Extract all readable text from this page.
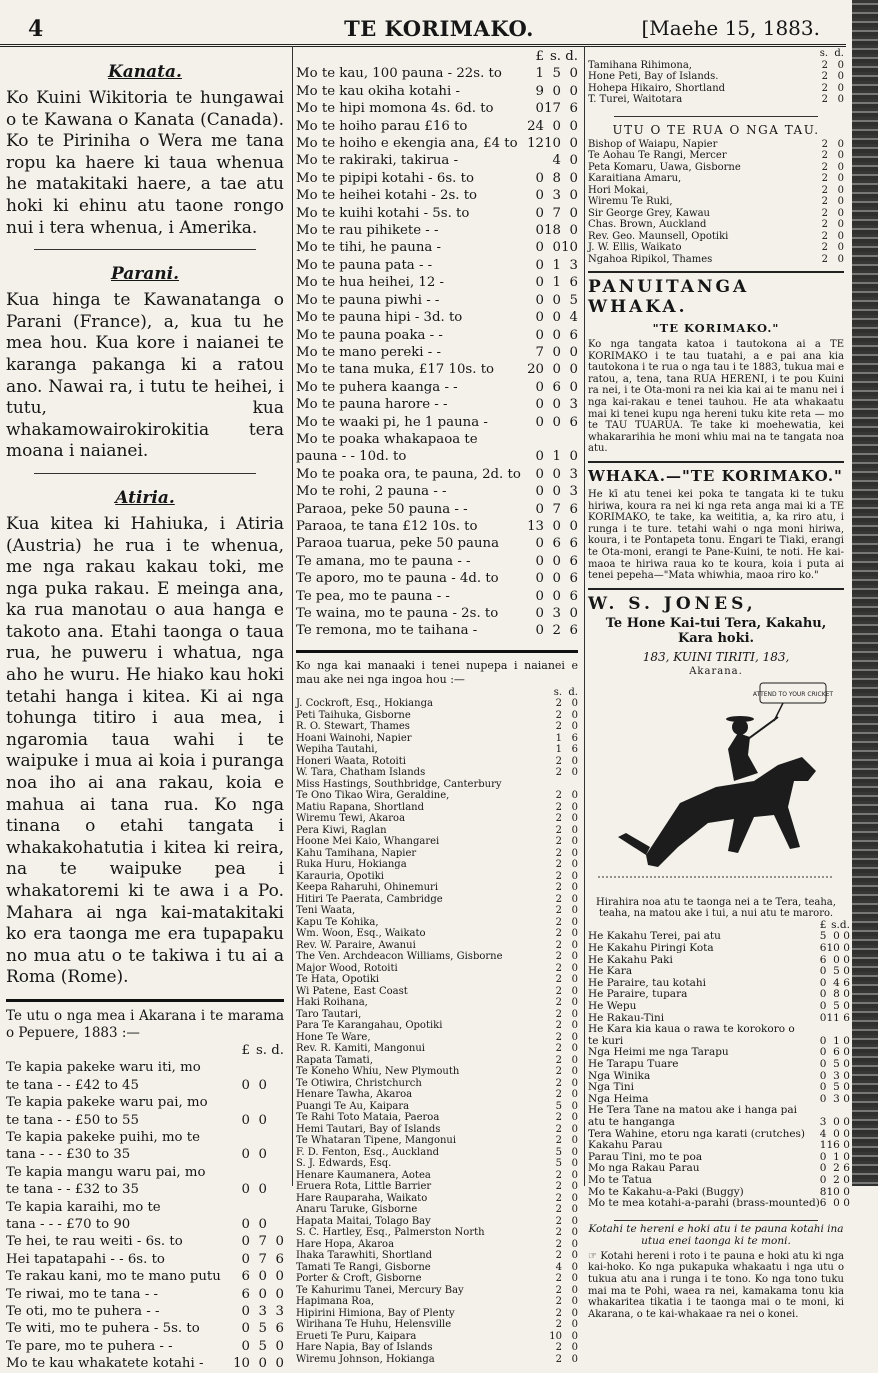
4	TE KORIMAKO.	[Maehe 15, 1883.
Kanata.

Ko Kuini Wikitoria te hungawai o te Kawana o Kanata (Canada). Ko te Piriniha o Wera me tana ropu ka haere ki taua whenua he matakitaki haere, a tae atu hoki ki ehinu atu taone rongo nui i tera whenua, i Amerika.

Parani.

Kua hinga te Kawanatanga o Parani (France), a, kua tu he mea hou. Kua kore i naianei te karanga pakanga ki a ratou ano. Nawai ra, i tutu te heihei, i tutu, kua whakamowairokirokitia tera moana i naianei.

Atiria.

Kua kitea ki Hahiuka, i Atiria (Austria) he rua i te whenua, me nga rakau kakau toki, me nga puka rakau. E meinga ana, ka rua manotau o aua hanga e takoto ana. Etahi taonga o taua rua, he puweru i whatua, nga aho he wuru. He hiako kau hoki tetahi hanga i kitea. Ki ai nga tohunga titiro i aua mea, i ngaromia taua wahi i te waipuke i mua ai koia i puranga noa iho ai ana rakau, koia e mahua ai tana rua. Ko nga tinana o etahi tangata i whakakohatutia i kitea ki reira, na te waipuke pea i whakatoremi ki te awa i a Po. Mahara ai nga kai-matakitaki ko era taonga me era tupapaku no mua atu o te takiwa i tu ai a Roma (Rome).

Te utu o nga mea i Akarana i te marama o Pepuere, 1883 :—

	£	s.	d.
Te kapia pakeke waru iti, mo			
te tana - - £42 to 45	0	0	
Te kapia pakeke waru pai, mo			
te tana - - £50 to 55	0	0	
Te kapia pakeke puihi, mo te			
tana - - - £30 to 35	0	0	
Te kapia mangu waru pai, mo			
te tana - - £32 to 35	0	0	
Te kapia karaihi, mo te			
tana - - - £70 to 90	0	0	
Te hei, te rau weiti - 6s. to	0	7	0
Hei tapatapahi - - 6s. to	0	7	6
Te rakau kani, mo te mano putu	6	0	0
Te riwai, mo te tana - -	6	0	0
Te oti, mo te puhera - -	0	3	3
Te witi, mo te puhera - 5s. to	0	5	6
Te pare, mo te puhera - -	0	5	0
Mo te kau whakatete kotahi -	10	0	0
	£	s.	d.
Mo te kau, 100 pauna - 22s. to	1	5	0
Mo te kau okiha kotahi -	9	0	0
Mo te hipi momona 4s. 6d. to	0	17	6
Mo te hoiho parau £16 to	24	0	0
Mo te hoiho e ekengia ana, £4 to	12	10	0
Mo te rakiraki, takirua -		4	0
Mo te pipipi kotahi - 6s. to	0	8	0
Mo te heihei kotahi - 2s. to	0	3	0
Mo te kuihi kotahi - 5s. to	0	7	0
Mo te rau pihikete - -	0	18	0
Mo te tihi, he pauna -	0	0	10
Mo te pauna pata - -	0	1	3
Mo te hua heihei, 12 -	0	1	6
Mo te pauna piwhi - -	0	0	5
Mo te pauna hipi - 3d. to	0	0	4
Mo te pauna poaka - -	0	0	6
Mo te mano pereki - -	7	0	0
Mo te tana muka, £17 10s. to	20	0	0
Mo te puhera kaanga - -	0	6	0
Mo te pauna harore - -	0	0	3
Mo te waaki pi, he 1 pauna -	0	0	6
Mo te poaka whakapaoa te			
pauna - - 10d. to	0	1	0
Mo te poaka ora, te pauna, 2d. to	0	0	3
Mo te rohi, 2 pauna - -	0	0	3
Paraoa, peke 50 pauna - -	0	7	6
Paraoa, te tana £12 10s. to	13	0	0
Paraoa tuarua, peke 50 pauna	0	6	6
Te amana, mo te pauna - -	0	0	6
Te aporo, mo te pauna - 4d. to	0	0	6
Te pea, mo te pauna - -	0	0	6
Te waina, mo te pauna - 2s. to	0	3	0
Te remona, mo te taihana -	0	2	6

Ko nga kai manaaki i tenei nupepa i naianei e mau ake nei nga ingoa hou :—

	s.	d.
J. Cockroft, Esq., Hokianga	2	0
Peti Taihuka, Gisborne	2	0
R. O. Stewart, Thames	2	0
Hoani Wainohi, Napier	1	6
Wepiha Tautahi,	1	6
Honeri Waata, Rotoiti	2	0
W. Tara, Chatham Islands	2	0
Miss Hastings, Southbridge, Canterbury		
Te Ono Tikao Wira, Geraldine,	2	0
Matiu Rapana, Shortland	2	0
Wiremu Tewi, Akaroa	2	0
Pera Kiwi, Raglan	2	0
Hoone Mei Kaio, Whangarei	2	0
Kahu Tamihana, Napier	2	0
Ruka Huru, Hokianga	2	0
Karauria, Opotiki	2	0
Keepa Raharuhi, Ohinemuri	2	0
Hitiri Te Paerata, Cambridge	2	0
Teni Waata,	2	0
Kapu Te Kohika,	2	0
Wm. Woon, Esq., Waikato	2	0
Rev. W. Paraire, Awanui	2	0
The Ven. Archdeacon Williams, Gisborne	2	0
Major Wood, Rotoiti	2	0
Te Hata, Opotiki	2	0
Wi Patene, East Coast	2	0
Haki Roihana,	2	0
Taro Tautari,	2	0
Para Te Karangahau, Opotiki	2	0
Hone Te Ware,	2	0
Rev. R. Kamiti, Mangonui	2	0
Rapata Tamati,	2	0
Te Koneho Whiu, New Plymouth	2	0
Te Otiwira, Christchurch	2	0
Henare Tawha, Akaroa	2	0
Puangi Te Au, Kaipara	5	0
Te Rahi Toto Mataia, Paeroa	2	0
Hemi Tautari, Bay of Islands	2	0
Te Whataran Tipene, Mangonui	2	0
F. D. Fenton, Esq., Auckland	5	0
S. J. Edwards, Esq.	5	0
Henare Kaumanera, Aotea	2	0
Eruera Rota, Little Barrier	2	0
Hare Rauparaha, Waikato	2	0
Anaru Taruke, Gisborne	2	0
Hapata Maitai, Tolago Bay	2	0
S. C. Hartley, Esq., Palmerston North	2	0
Hare Hopa, Akaroa	2	0
Ihaka Tarawhiti, Shortland	2	0
Tamati Te Rangi, Gisborne	4	0
Porter & Croft, Gisborne	2	0
Te Kahurimu Tanei, Mercury Bay	2	0
Hapimana Roa,	2	0
Hipirini Himiona, Bay of Plenty	2	0
Wirihana Te Huhu, Helensville	2	0
Erueti Te Puru, Kaipara	10	0
Hare Napia, Bay of Islands	2	0
Wiremu Johnson, Hokianga	2	0
	s.	d.
Tamihana Rihimona,	2	0
Hone Peti, Bay of Islands.	2	0
Hohepa Hikairo, Shortland	2	0
T. Turei, Waitotara	2	0
UTU O TE RUA O NGA TAU.
Bishop of Waiapu, Napier	2	0
Te Aohau Te Rangi, Mercer	2	0
Peta Komaru, Uawa, Gisborne	2	0
Karaitiana Amaru,	2	0
Hori Mokai,	2	0
Wiremu Te Ruki,	2	0
Sir George Grey, Kawau	2	0
Chas. Brown, Auckland	2	0
Rev. Geo. Maunsell, Opotiki	2	0
J. W. Ellis, Waikato	2	0
Ngahoa Ripikol, Thames	2	0
PANUITANGA WHAKA.
"TE KORIMAKO."

Ko nga tangata katoa i tautokona ai a TE KORIMAKO i te tau tuatahi, a e pai ana kia tautokona i te rua o nga tau i te 1883, tukua mai e ratou, a, tena, tana RUA HERENI, i te pou Kuini ra nei, i te Ota-moni ra nei kia kai ai te manu nei i nga kai-rakau e tenei tauhou. He ata whakaatu mai ki tenei kupu nga hereni tuku kite reta — mo te TAU TUARUA. Te take ki moehewatia, kei whakararihia he moni whiu mai na te tangata noa atu.

WHAKA.—"TE KORIMAKO."

He kī atu tenei kei poka te tangata ki te tuku hiriwa, koura ra nei ki nga reta anga mai ki a TE KORIMAKO, te take, ka weititia, a, ka riro atu, i runga i te ture. tetahi wahi o nga moni hiriwa, koura, i te Pontapeta tonu. Engari te Tiaki, erangi te Ota-moni, erangi te Pane-Kuini, te noti. He kai-maoa te hiriwa raua ko te koura, koia i puta ai tenei pepeha—"Mata whiwhia, maoa riro ko."

W. S. JONES,
Te Hone Kai-tui Tera, Kakahu, Kara hoki.
183, KUINI TIRITI, 183,
Akarana.
ATTEND TO YOUR CRICKET

Hirahira noa atu te taonga nei a te Tera, teaha, teaha, na matou ake i tui, a nui atu te maroro.

	£	s.	d.
He Kakahu Terei, pai atu	5	0	0
He Kakahu Piringi Kota	6	10	0
He Kakahu Paki	6	0	0
He Kara	0	5	0
He Paraire, tau kotahi	0	4	6
He Paraire, tupara	0	8	0
He Wepu	0	5	0
He Rakau-Tini	0	11	6
He Kara kia kaua o rawa te korokoro o			
te kuri	0	1	0
Nga Heimi me nga Tarapu	0	6	0
He Tarapu Tuare	0	5	0
Nga Winika	0	3	0
Nga Tini	0	5	0
Nga Heima	0	3	0
He Tera Tane na matou ake i hanga pai			
atu te hanganga	3	0	0
Tera Wahine, etoru nga karati (crutches)	4	0	0
Kakahu Parau	1	16	0
Parau Tini, mo te poa	0	1	0
Mo nga Rakau Parau	0	2	6
Mo te Tatua	0	2	0
Mo te Kakahu-a-Paki (Buggy)	8	10	0
Mo te mea kotahi-a-parahi (brass-mounted)	6	0	0

Kotahi te hereni e hoki atu i te pauna kotahi ina utua enei taonga ki te moni.

☞ Kotahi hereni i roto i te pauna e hoki atu ki nga kai-hoko. Ko nga pukapuka whakaatu i nga utu o tukua atu ana i runga i te tono. Ko nga tono tuku mai ma te Pohi, waea ra nei, kamakama tonu kia whakaritea tikatia i te taonga mai o te moni, ki Akarana, o te kai-whakaae ra nei o konei.
